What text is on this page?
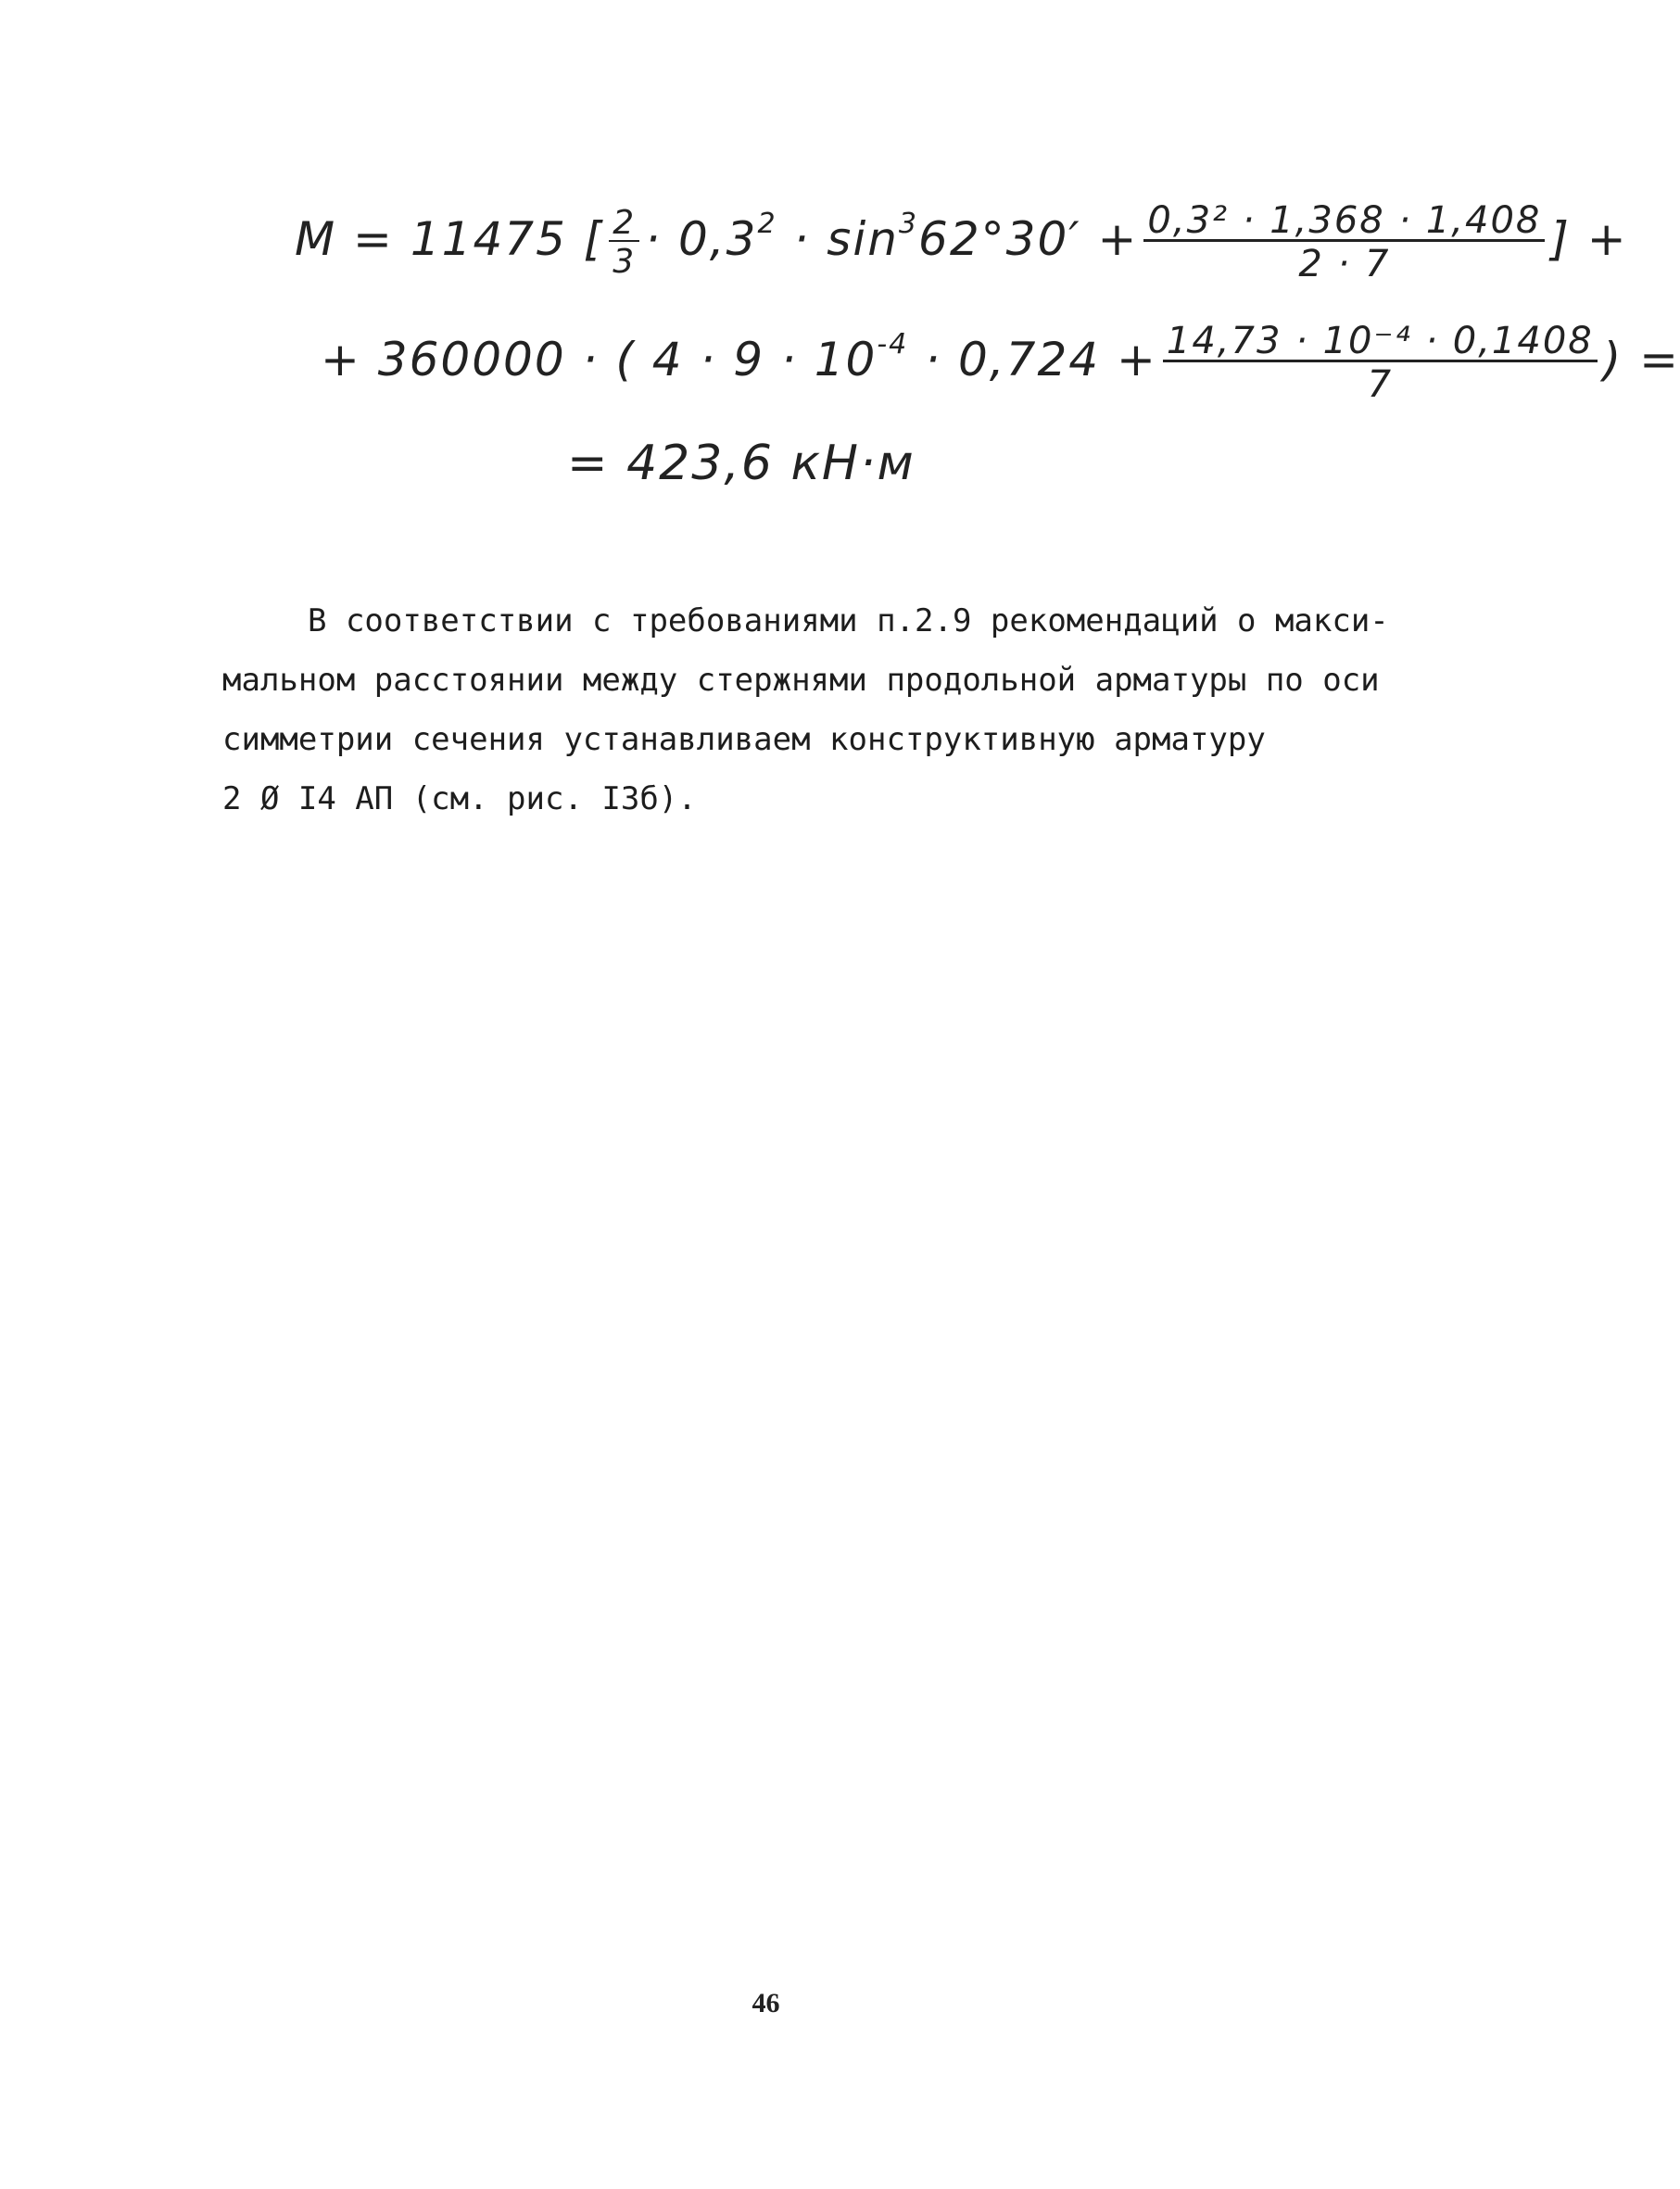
M = 11475 [ $\frac{2}{3} \cdot 0,3^2 \cdot \sin^362^\circ 30' + \frac{\text{0,3² · 1,368 · 1,408}}{2 \cdot 7}$ ] +
+ 360000 · ( $4 \cdot 9 \cdot 10^{-4} \cdot 0,724 + \frac{\text{14,73 · 10⁻⁴ · 0,1408}}{7}$ ) =
= 423,6 кН·м
В соответствии с требованиями п.2.9 рекомендаций о макси-
мальном расстоянии между стержнями продольной арматуры по оси
симметрии сечения устанавливаем конструктивную арматуру
2 Ø I4 АП (см. рис. I3б).
46
